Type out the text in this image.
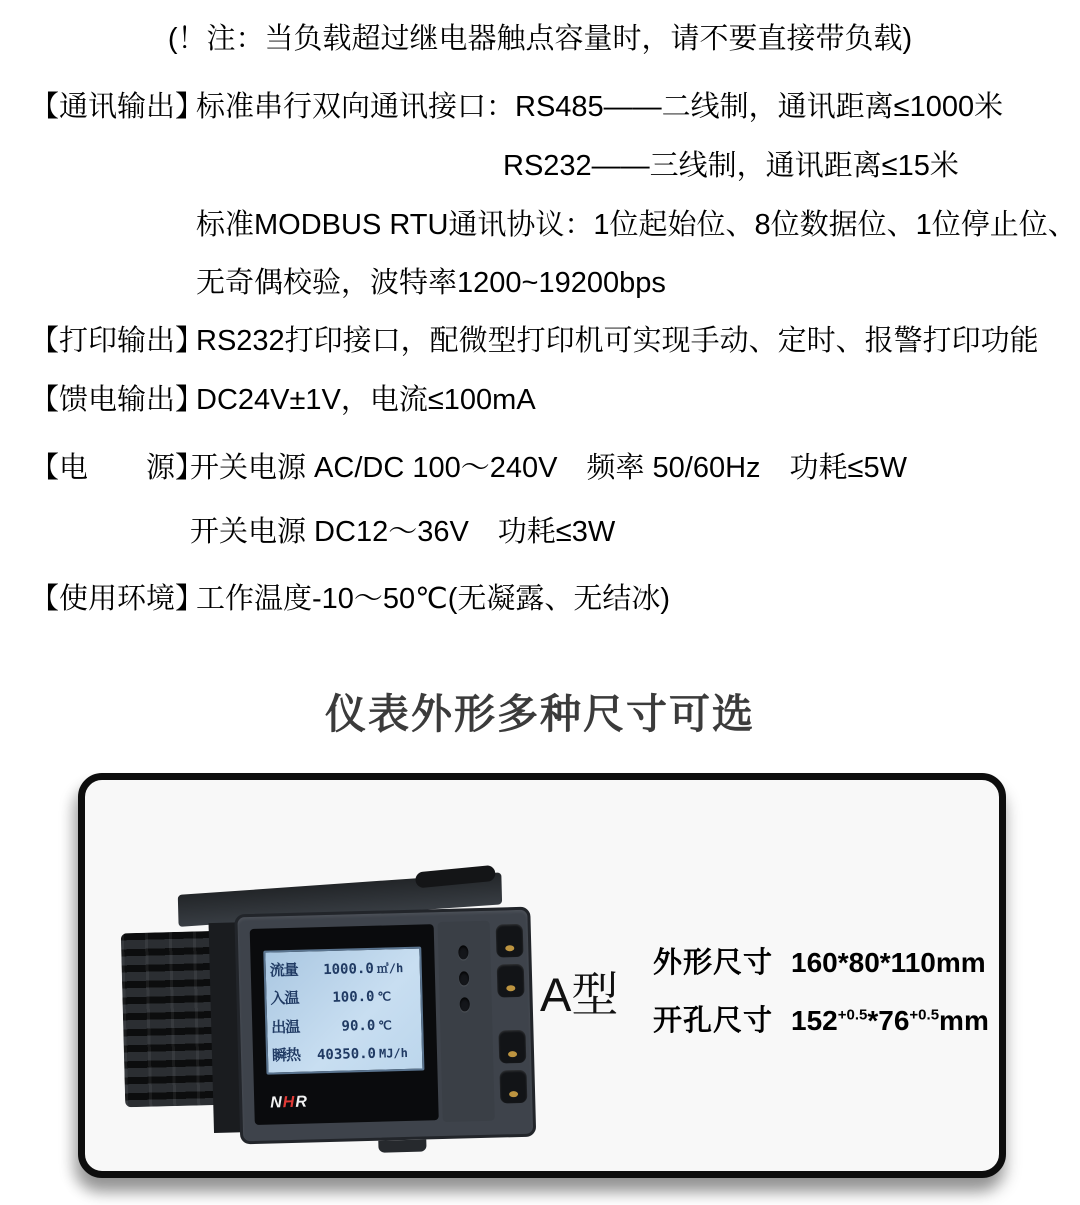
(！注：当负载超过继电器触点容量时，请不要直接带负载)
【通讯输出】
标准串行双向通讯接口：RS485——二线制，通讯距离≤1000米
RS232——三线制，通讯距离≤15米
标准MODBUS RTU通讯协议：1位起始位、8位数据位、1位停止位、
无奇偶校验，波特率1200~19200bps
【打印输出】
RS232打印接口，配微型打印机可实现手动、定时、报警打印功能
【馈电输出】
DC24V±1V，电流≤100mA
【电　　源】
开关电源 AC/DC 100～240V　频率 50/60Hz　功耗≤5W
开关电源 DC12～36V　功耗≤3W
【使用环境】
工作温度-10～50℃(无凝露、无结冰)
仪表外形多种尺寸可选
流量	1000.0 ㎥/h
入温	100.0 ℃
出温	90.0 ℃
瞬热	40350.0 MJ/h
NHR
A型
外形尺寸 160*80*110mm
开孔尺寸 $152^{+0.5}*76^{+0.5}mm$
